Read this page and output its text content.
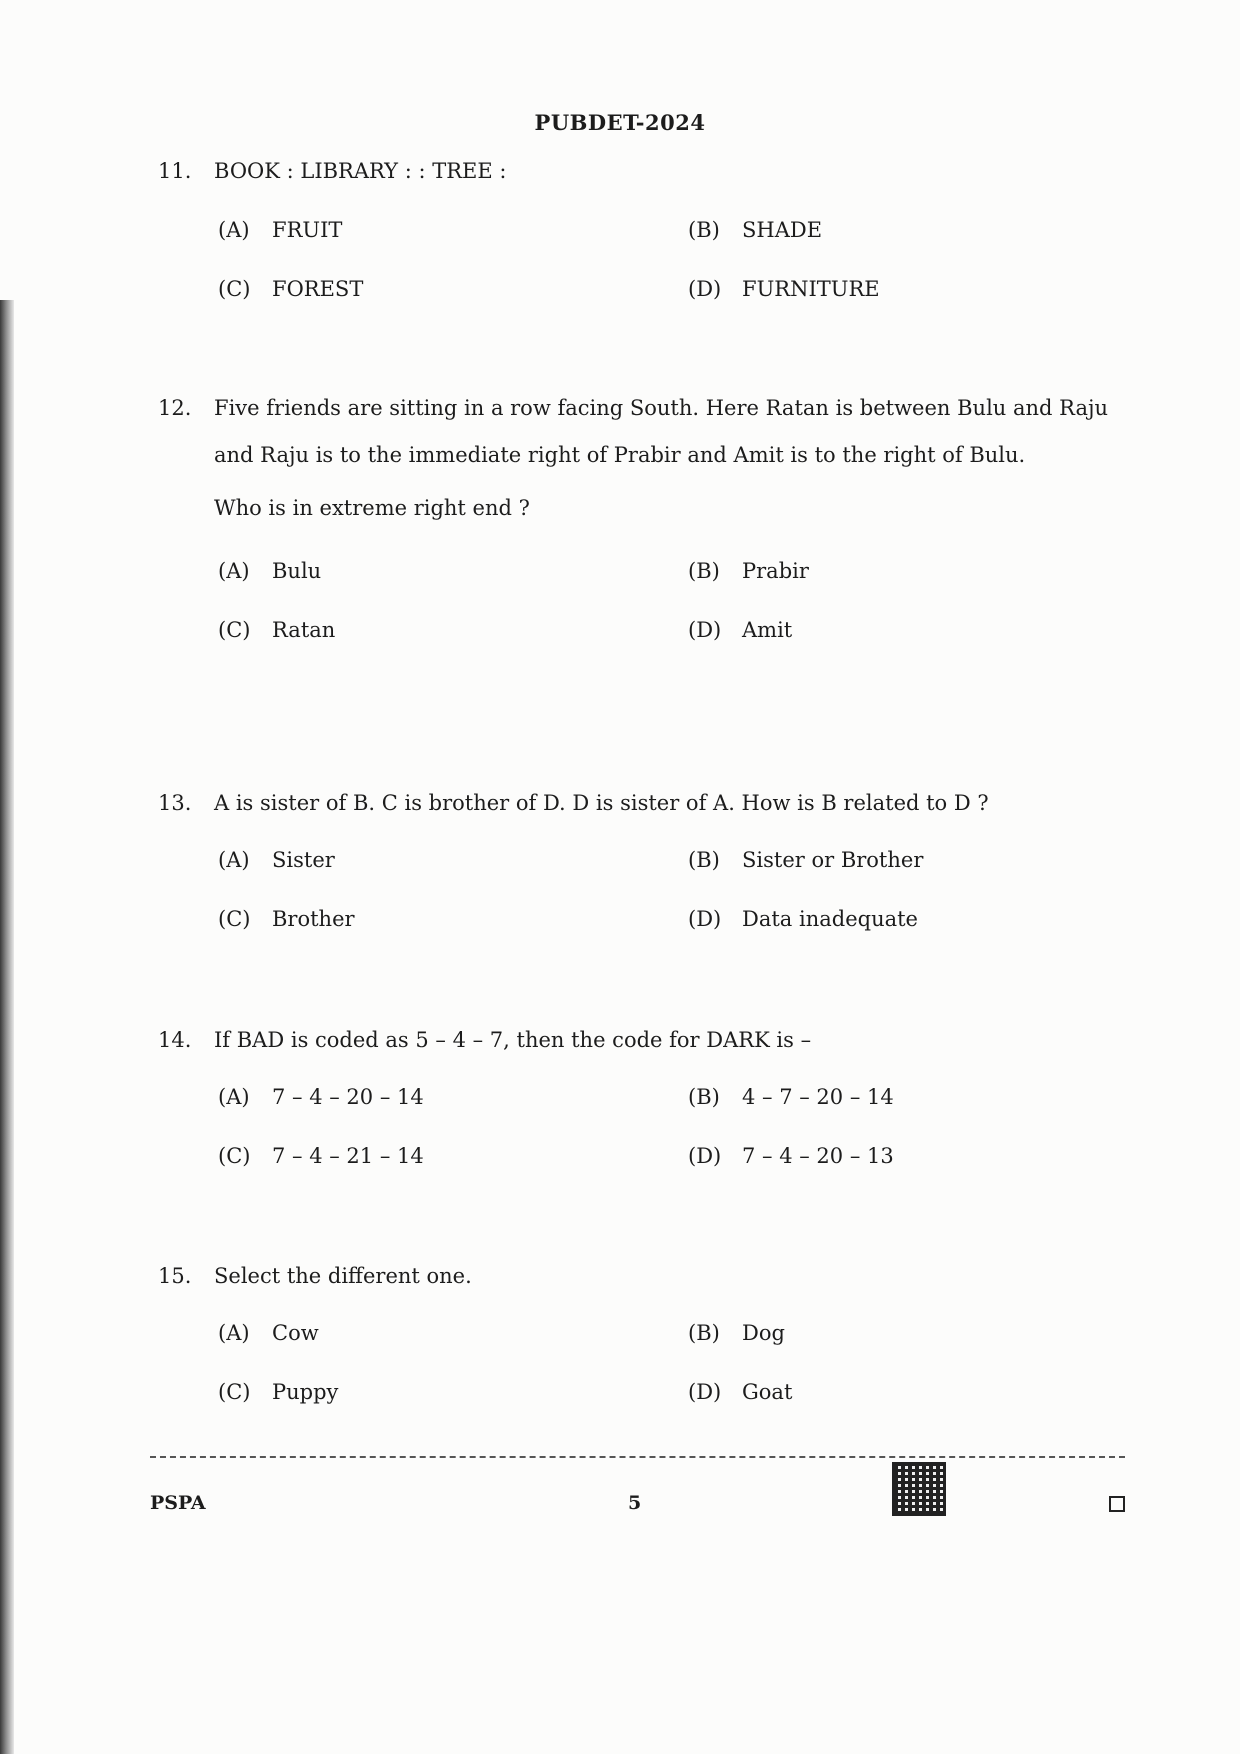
PUBDET-2024
11. BOOK : LIBRARY : : TREE :
(A) FRUIT	(B) SHADE
(C) FOREST	(D) FURNITURE
12.	Five friends are sitting in a row facing South. Here Ratan is between Bulu and Raju and Raju is to the immediate right of Prabir and Amit is to the right of Bulu.
Who is in extreme right end ?
(A) Bulu	(B) Prabir
(C) Ratan	(D) Amit
13. A is sister of B. C is brother of D. D is sister of A. How is B related to D ?
(A) Sister	(B) Sister or Brother
(C) Brother	(D) Data inadequate
14. If BAD is coded as 5 – 4 – 7, then the code for DARK is –
(A) 7 – 4 – 20 – 14	(B) 4 – 7 – 20 – 14
(C) 7 – 4 – 21 – 14	(D) 7 – 4 – 20 – 13
15. Select the different one.
(A) Cow	(B) Dog
(C) Puppy	(D) Goat
PSPA	5
